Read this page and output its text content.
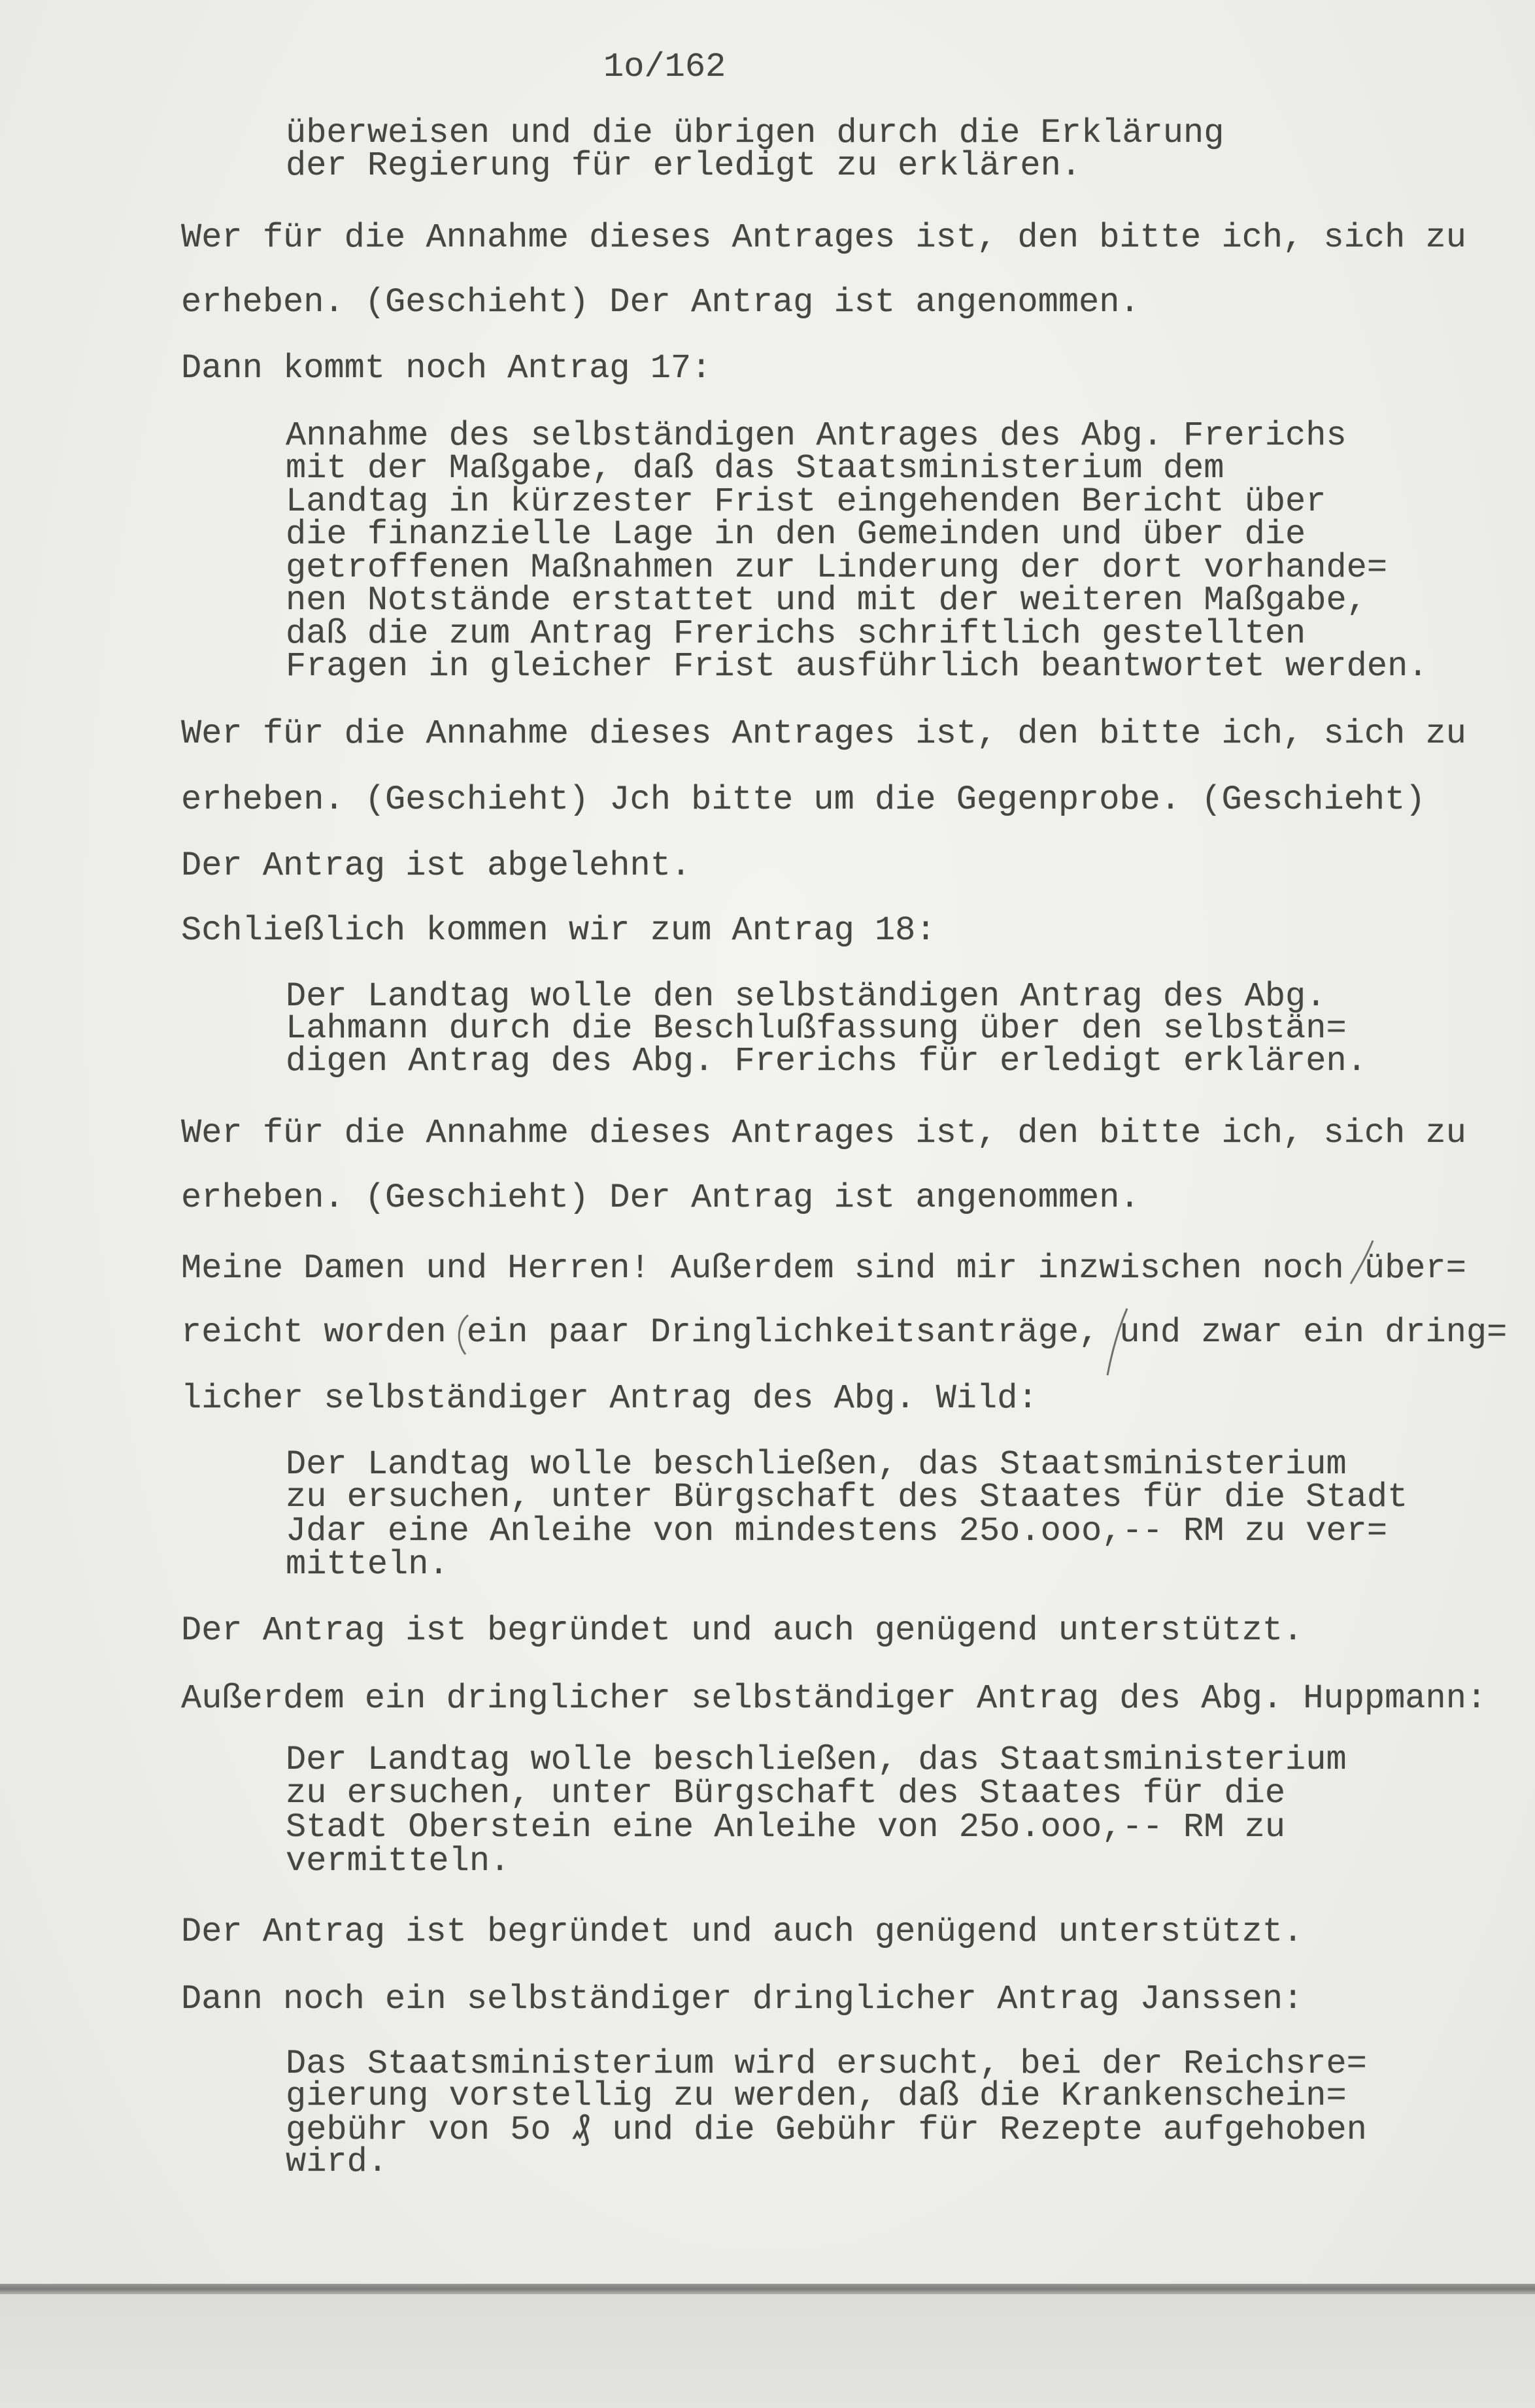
1o/162
überweisen und die übrigen durch die Erklärung
der Regierung für erledigt zu erklären.
Wer für die Annahme dieses Antrages ist, den bitte ich, sich zu
erheben. (Geschieht) Der Antrag ist angenommen.
Dann kommt noch Antrag 17:
Annahme des selbständigen Antrages des Abg. Frerichs
mit der Maßgabe, daß das Staatsministerium dem
Landtag in kürzester Frist eingehenden Bericht über
die finanzielle Lage in den Gemeinden und über die
getroffenen Maßnahmen zur Linderung der dort vorhande=
nen Notstände erstattet und mit der weiteren Maßgabe,
daß die zum Antrag Frerichs schriftlich gestellten
Fragen in gleicher Frist ausführlich beantwortet werden.
Wer für die Annahme dieses Antrages ist, den bitte ich, sich zu
erheben. (Geschieht) Jch bitte um die Gegenprobe. (Geschieht)
Der Antrag ist abgelehnt.
Schließlich kommen wir zum Antrag 18:
Der Landtag wolle den selbständigen Antrag des Abg.
Lahmann durch die Beschlußfassung über den selbstän=
digen Antrag des Abg. Frerichs für erledigt erklären.
Wer für die Annahme dieses Antrages ist, den bitte ich, sich zu
erheben. (Geschieht) Der Antrag ist angenommen.
Meine Damen und Herren! Außerdem sind mir inzwischen noch über=
reicht worden ein paar Dringlichkeitsanträge, und zwar ein dring=
licher selbständiger Antrag des Abg. Wild:
Der Landtag wolle beschließen, das Staatsministerium
zu ersuchen, unter Bürgschaft des Staates für die Stadt
Jdar eine Anleihe von mindestens 25o.ooo,-- RM zu ver=
mitteln.
Der Antrag ist begründet und auch genügend unterstützt.
Außerdem ein dringlicher selbständiger Antrag des Abg. Huppmann:
Der Landtag wolle beschließen, das Staatsministerium
zu ersuchen, unter Bürgschaft des Staates für die
Stadt Oberstein eine Anleihe von 25o.ooo,-- RM zu
vermitteln.
Der Antrag ist begründet und auch genügend unterstützt.
Dann noch ein selbständiger dringlicher Antrag Janssen:
Das Staatsministerium wird ersucht, bei der Reichsre=
gierung vorstellig zu werden, daß die Krankenschein=
gebühr von 5o ₰ und die Gebühr für Rezepte aufgehoben
wird.
